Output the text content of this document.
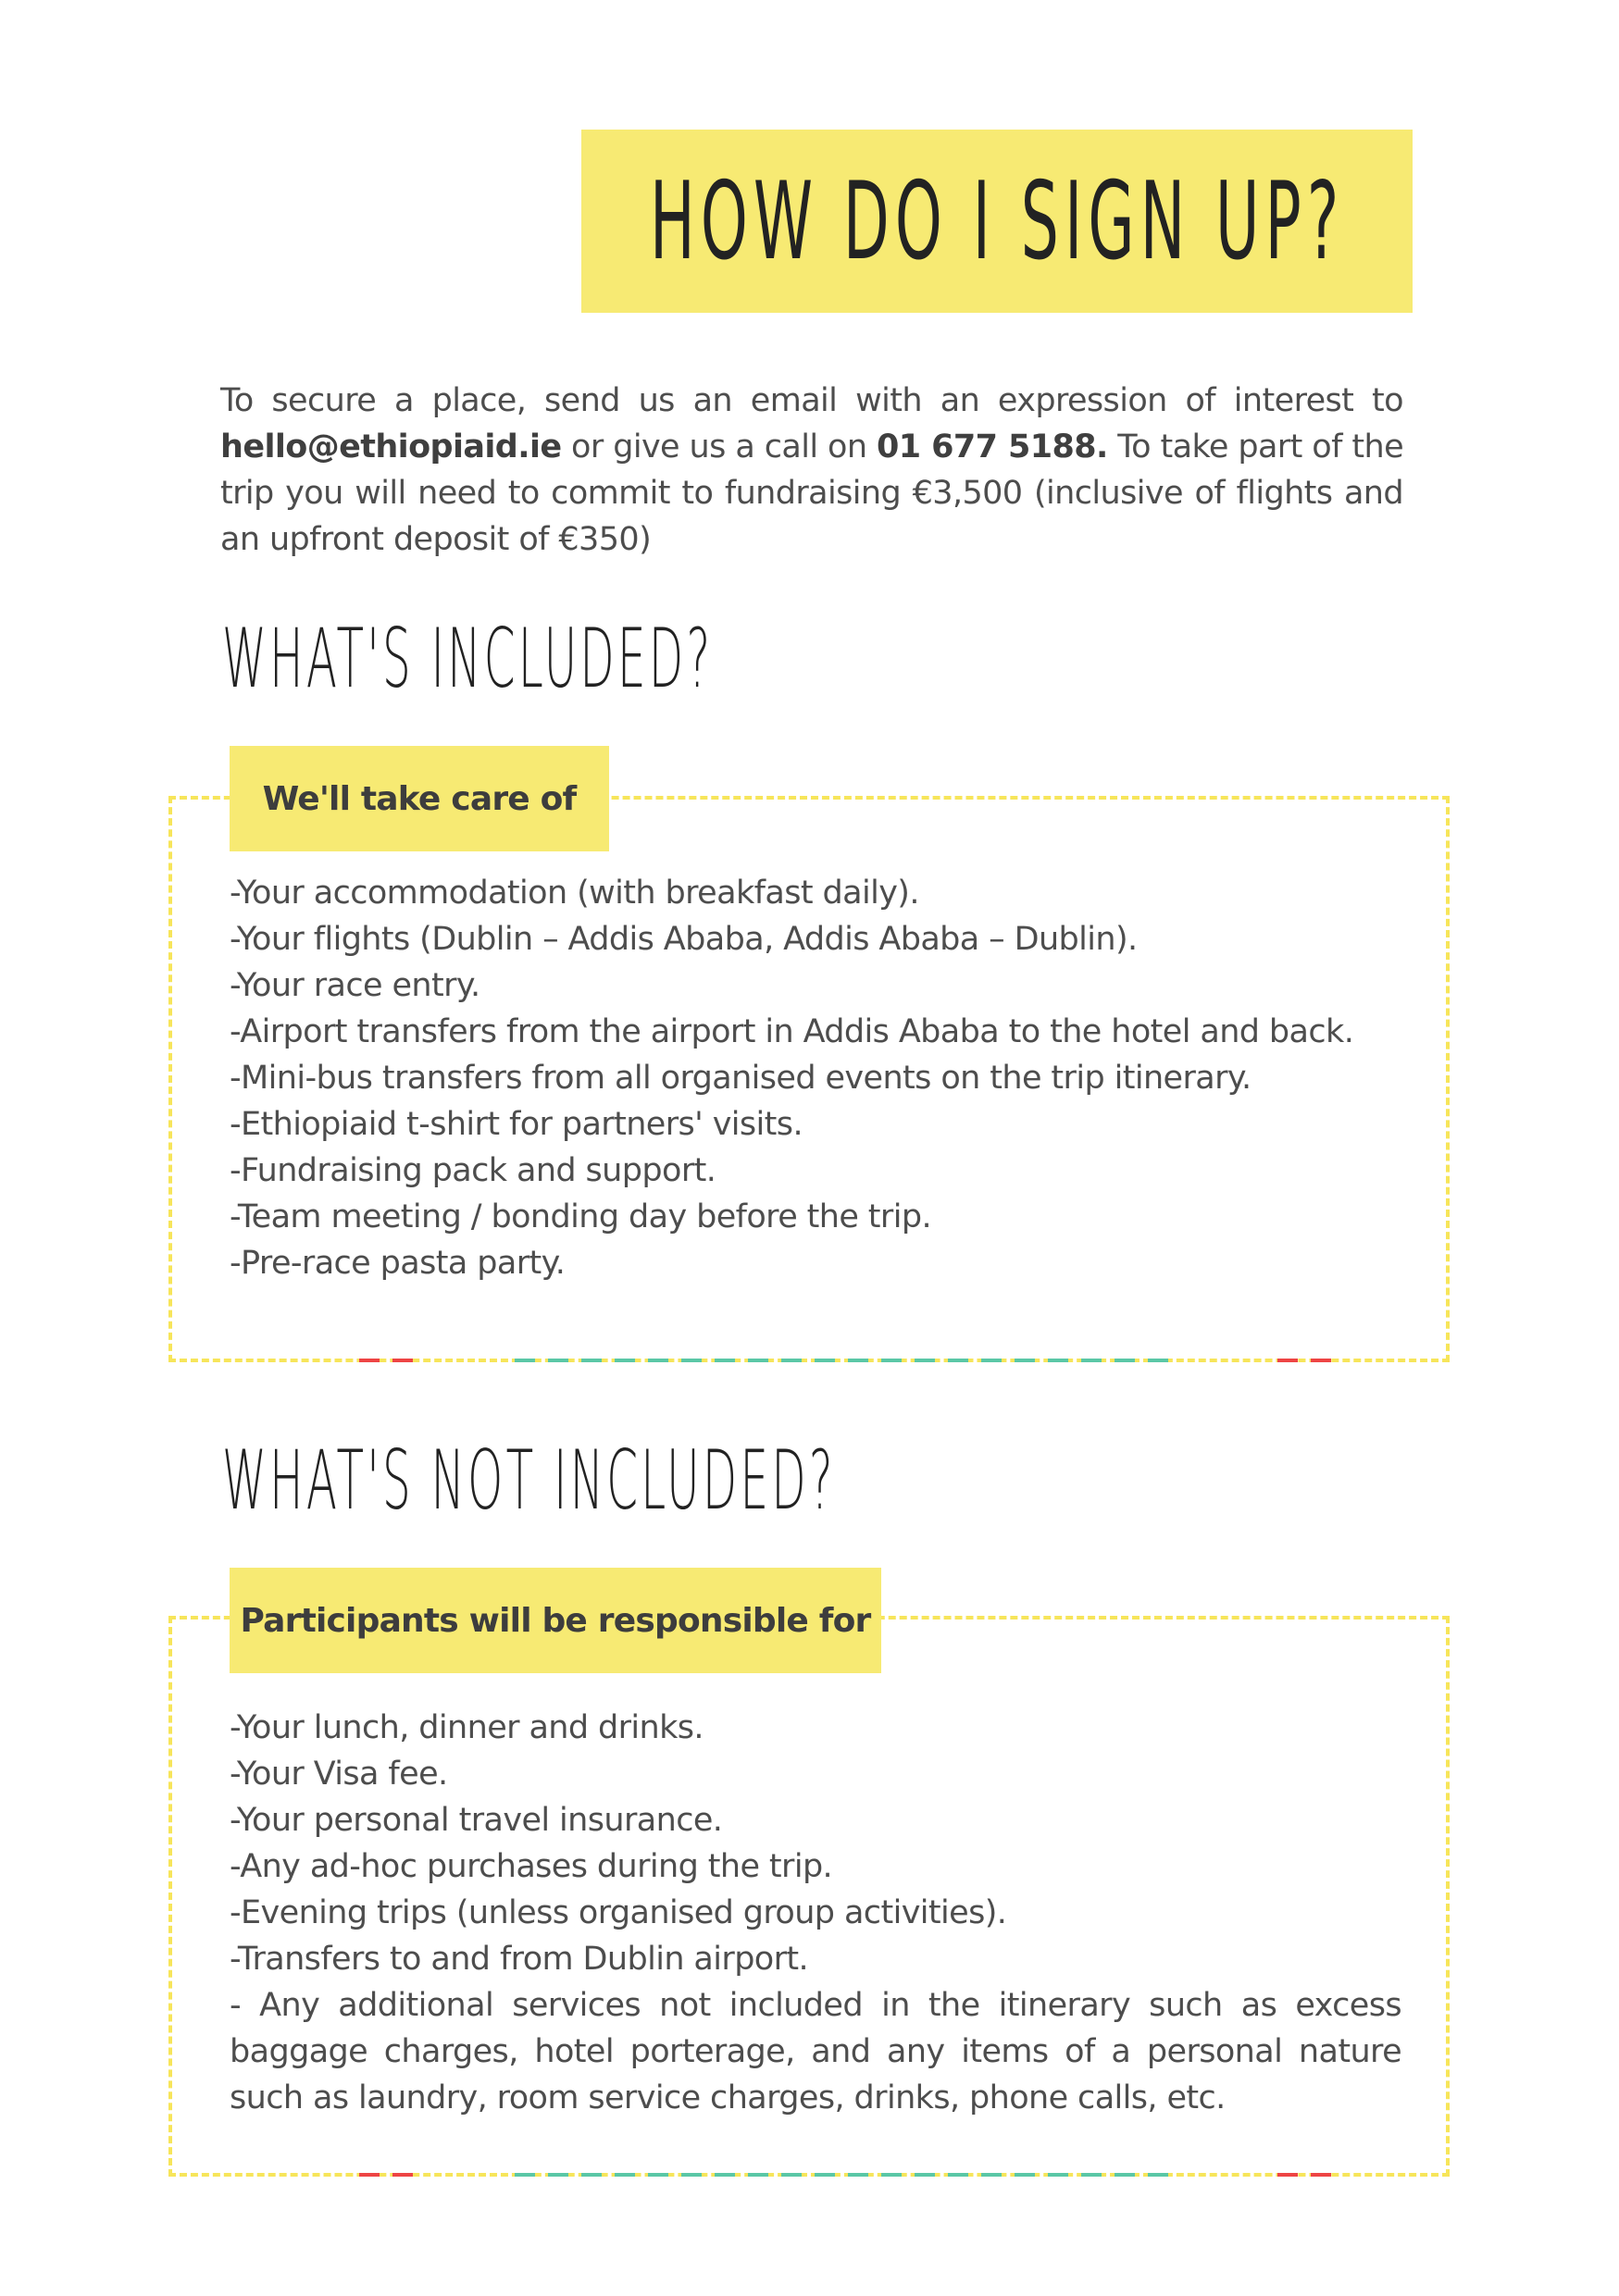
HOW DO I SIGN UP?
To secure a place, send us an email with an expression of interest to hello@ethiopiaid.ie or give us a call on 01 677 5188. To take part of the trip you will need to commit to fundraising €3,500 (inclusive of flights and an upfront deposit of €350)
WHAT'S INCLUDED?
We'll take care of
-Your accommodation (with breakfast daily).
-Your flights (Dublin – Addis Ababa, Addis Ababa – Dublin).
-Your race entry.
-Airport transfers from the airport in Addis Ababa to the hotel and back.
-Mini-bus transfers from all organised events on the trip itinerary.
-Ethiopiaid t-shirt for partners' visits.
-Fundraising pack and support.
-Team meeting / bonding day before the trip.
-Pre-race pasta party.
WHAT'S NOT INCLUDED?
Participants will be responsible for
-Your lunch, dinner and drinks.
-Your Visa fee.
-Your personal travel insurance.
-Any ad-hoc purchases during the trip.
-Evening trips (unless organised group activities).
-Transfers to and from Dublin airport.
- Any additional services not included in the itinerary such as excess baggage charges, hotel porterage, and any items of a personal nature such as laundry, room service charges, drinks, phone calls, etc.
